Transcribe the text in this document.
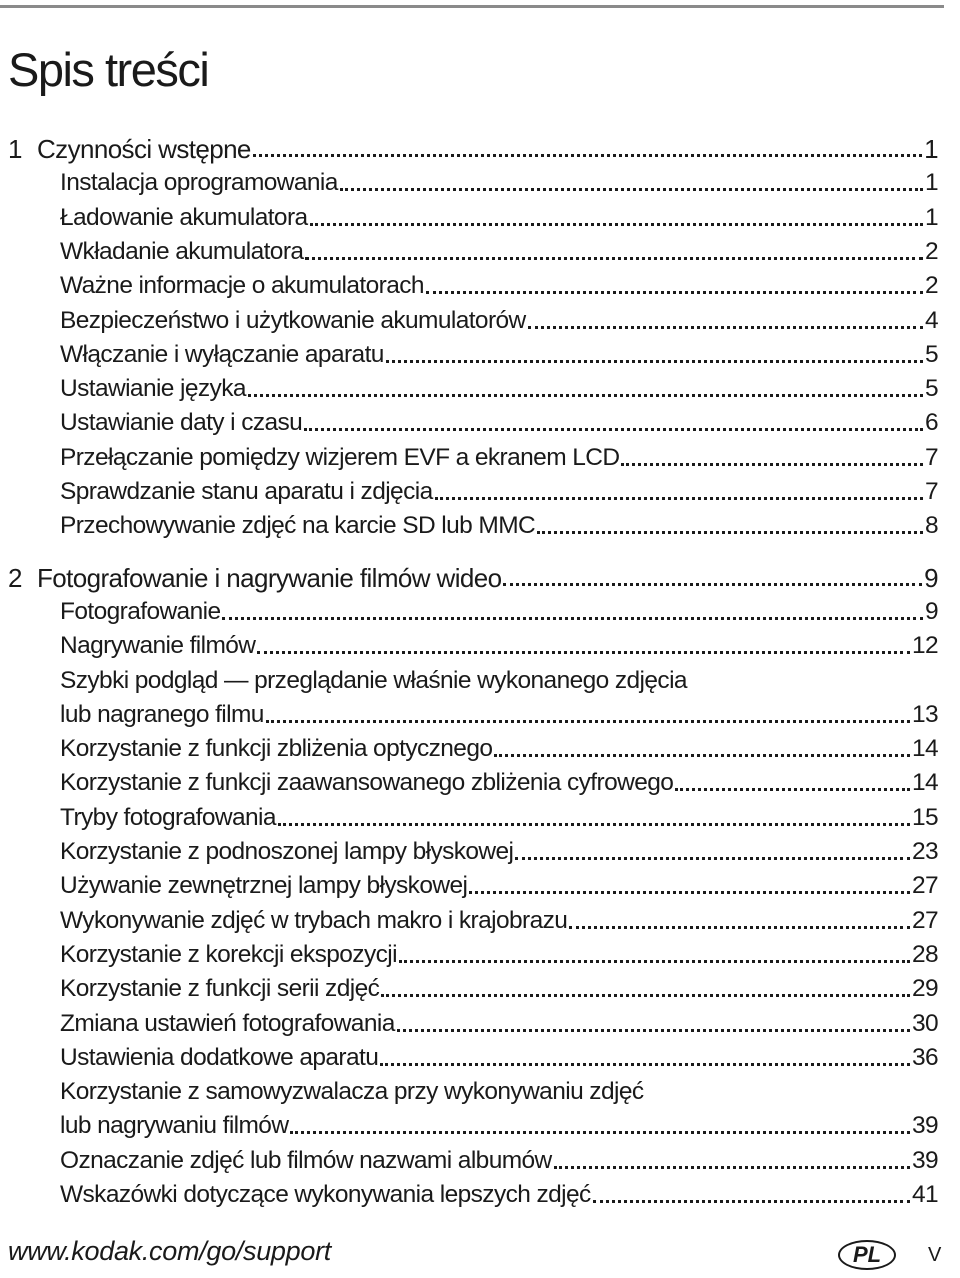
Spis treści
1 Czynności wstępne	1
Instalacja oprogramowania	1
Ładowanie akumulatora	1
Wkładanie akumulatora	2
Ważne informacje o akumulatorach	2
Bezpieczeństwo i użytkowanie akumulatorów	4
Włączanie i wyłączanie aparatu	5
Ustawianie języka	5
Ustawianie daty i czasu	6
Przełączanie pomiędzy wizjerem EVF a ekranem LCD	7
Sprawdzanie stanu aparatu i zdjęcia	7
Przechowywanie zdjęć na karcie SD lub MMC	8
2 Fotografowanie i nagrywanie filmów wideo	9
Fotografowanie	9
Nagrywanie filmów	12
Szybki podgląd — przeglądanie właśnie wykonanego zdjęcia
lub nagranego filmu	13
Korzystanie z funkcji zbliżenia optycznego	14
Korzystanie z funkcji zaawansowanego zbliżenia cyfrowego	14
Tryby fotografowania	15
Korzystanie z podnoszonej lampy błyskowej	23
Używanie zewnętrznej lampy błyskowej	27
Wykonywanie zdjęć w trybach makro i krajobrazu	27
Korzystanie z korekcji ekspozycji	28
Korzystanie z funkcji serii zdjęć	29
Zmiana ustawień fotografowania	30
Ustawienia dodatkowe aparatu	36
Korzystanie z samowyzwalacza przy wykonywaniu zdjęć
lub nagrywaniu filmów	39
Oznaczanie zdjęć lub filmów nazwami albumów	39
Wskazówki dotyczące wykonywania lepszych zdjęć	41
www.kodak.com/go/support	PL V
